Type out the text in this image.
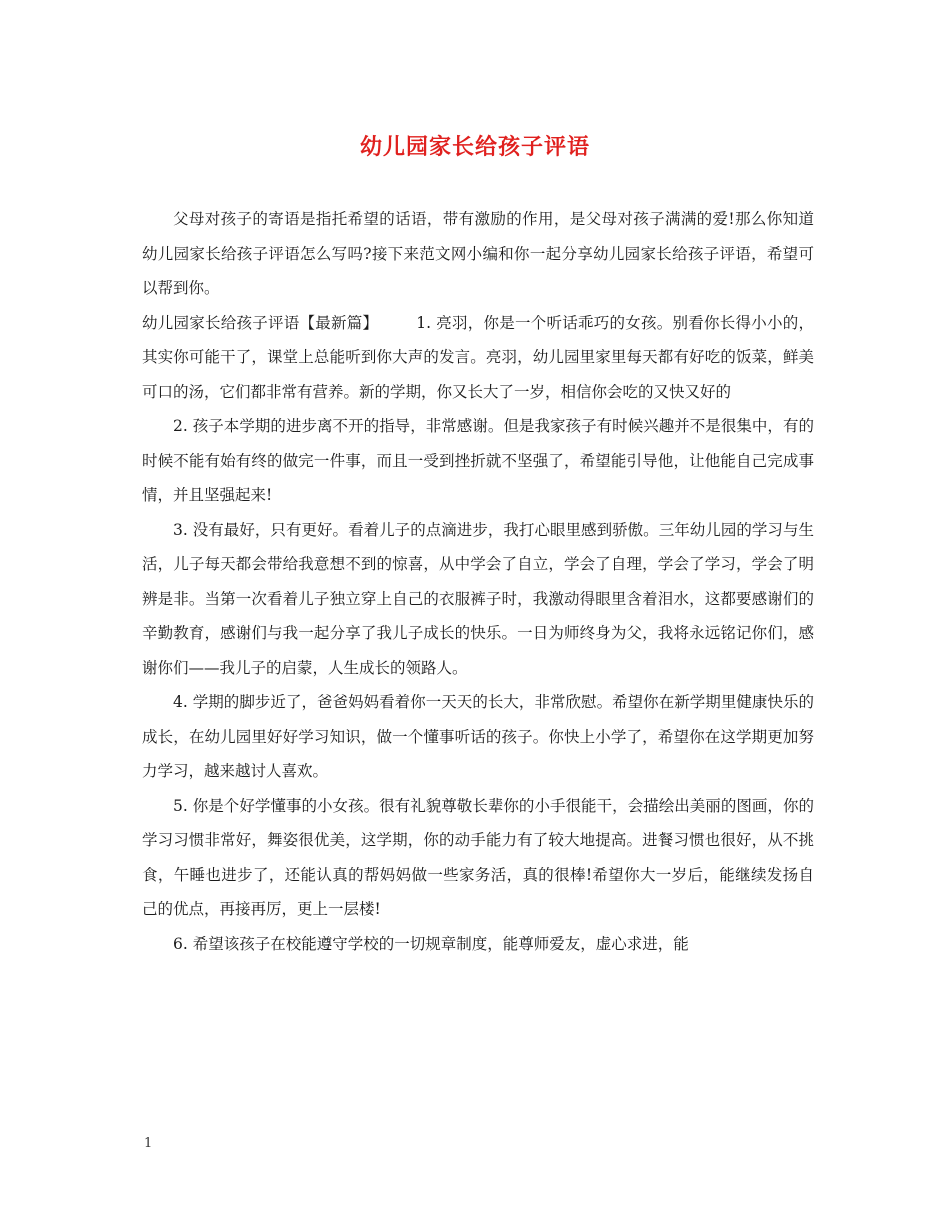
幼儿园家长给孩子评语

父母对孩子的寄语是指托希望的话语，带有激励的作用，是父母对孩子满满的爱!那么你知道幼儿园家长给孩子评语怎么写吗?接下来范文网小编和你一起分享幼儿园家长给孩子评语，希望可以帮到你。

幼儿园家长给孩子评语【最新篇】 1. 亮羽，你是一个听话乖巧的女孩。别看你长得小小的，其实你可能干了，课堂上总能听到你大声的发言。亮羽，幼儿园里家里每天都有好吃的饭菜，鲜美可口的汤，它们都非常有营养。新的学期，你又长大了一岁，相信你会吃的又快又好的

2. 孩子本学期的进步离不开的指导，非常感谢。但是我家孩子有时候兴趣并不是很集中，有的时候不能有始有终的做完一件事，而且一受到挫折就不坚强了，希望能引导他，让他能自己完成事情，并且坚强起来!

3. 没有最好，只有更好。看着儿子的点滴进步，我打心眼里感到骄傲。三年幼儿园的学习与生活，儿子每天都会带给我意想不到的惊喜，从中学会了自立，学会了自理，学会了学习，学会了明辨是非。当第一次看着儿子独立穿上自己的衣服裤子时，我激动得眼里含着泪水，这都要感谢们的辛勤教育，感谢们与我一起分享了我儿子成长的快乐。一日为师终身为父，我将永远铭记你们，感谢你们——我儿子的启蒙，人生成长的领路人。

4. 学期的脚步近了，爸爸妈妈看着你一天天的长大，非常欣慰。希望你在新学期里健康快乐的成长，在幼儿园里好好学习知识，做一个懂事听话的孩子。你快上小学了，希望你在这学期更加努力学习，越来越讨人喜欢。

5. 你是个好学懂事的小女孩。很有礼貌尊敬长辈你的小手很能干，会描绘出美丽的图画，你的学习习惯非常好，舞姿很优美，这学期，你的动手能力有了较大地提高。进餐习惯也很好，从不挑食，午睡也进步了，还能认真的帮妈妈做一些家务活，真的很棒!希望你大一岁后，能继续发扬自己的优点，再接再厉，更上一层楼!

6. 希望该孩子在校能遵守学校的一切规章制度，能尊师爱友，虚心求进，能

1
